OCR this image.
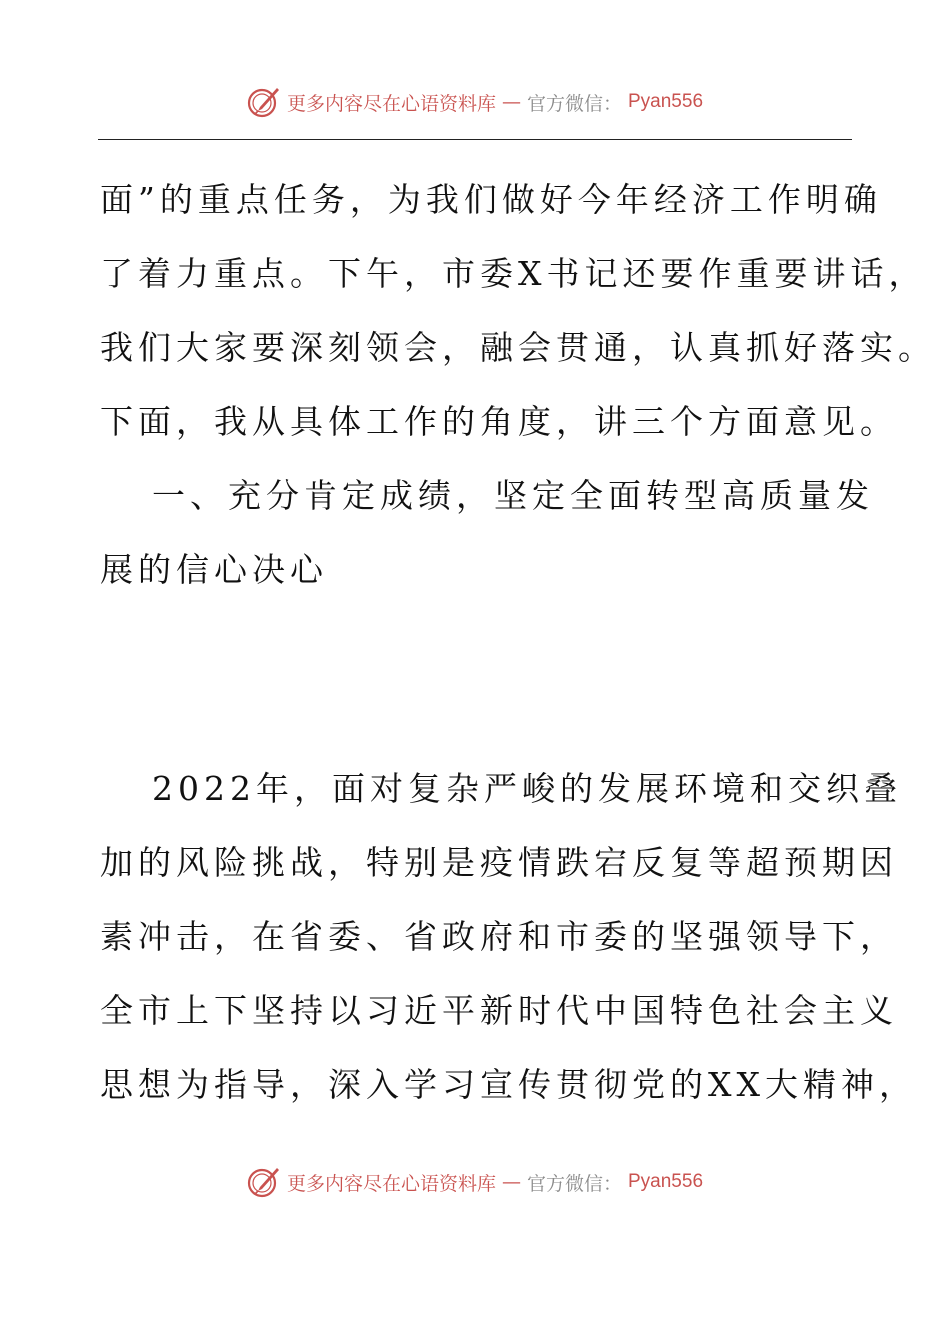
更多内容尽在心语资料库 — 官方微信： Pyan556
面”的重点任务，为我们做好今年经济工作明确
了着力重点。下午，市委X书记还要作重要讲话，
我们大家要深刻领会，融会贯通，认真抓好落实。
下面，我从具体工作的角度，讲三个方面意见。
一、充分肯定成绩，坚定全面转型高质量发
展的信心决心
2022年，面对复杂严峻的发展环境和交织叠
加的风险挑战，特别是疫情跌宕反复等超预期因
素冲击，在省委、省政府和市委的坚强领导下，
全市上下坚持以习近平新时代中国特色社会主义
思想为指导，深入学习宣传贯彻党的XX大精神，
更多内容尽在心语资料库 — 官方微信： Pyan556
